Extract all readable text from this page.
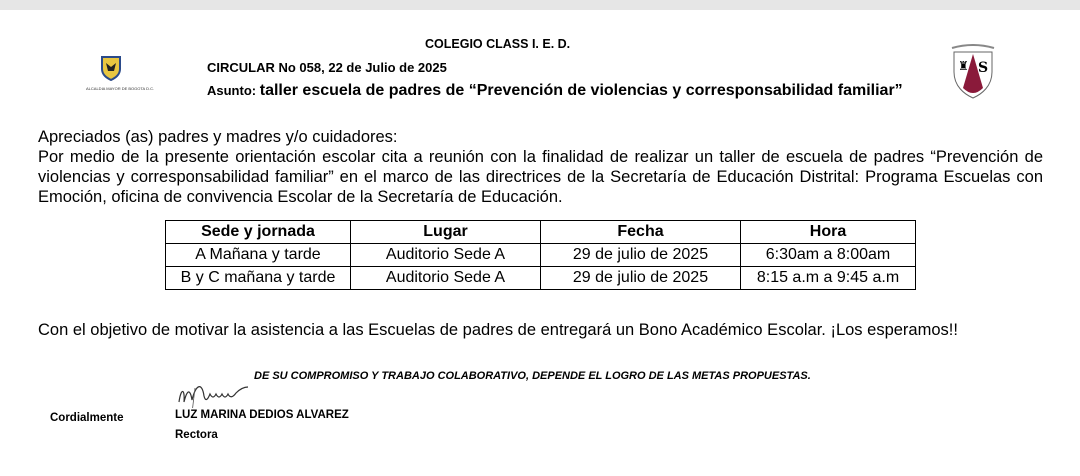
ALCALDIA MAYOR DE BOGOTA D.C.
♜ S
COLEGIO CLASS I. E. D.
CIRCULAR No 058, 22 de Julio de 2025
Asunto: taller escuela de padres de “Prevención de violencias y corresponsabilidad familiar”

Apreciados (as) padres y madres y/o cuidadores:

Por medio de la presente orientación escolar cita a reunión con la finalidad de realizar un taller de escuela de padres “Prevención de violencias y corresponsabilidad familiar” en el marco de las directrices de la Secretaría de Educación Distrital: Programa Escuelas con Emoción, oficina de convivencia Escolar de la Secretaría de Educación.

Sede y jornada	Lugar	Fecha	Hora
A Mañana y tarde	Auditorio Sede A	29 de julio de 2025	6:30am a 8:00am
B y C mañana y tarde	Auditorio Sede A	29 de julio de 2025	8:15 a.m a 9:45 a.m
Con el objetivo de motivar la asistencia a las Escuelas de padres de entregará un Bono Académico Escolar. ¡Los esperamos!!
DE SU COMPROMISO Y TRABAJO COLABORATIVO, DEPENDE EL LOGRO DE LAS METAS PROPUESTAS.
Cordialmente	LUZ MARINA DEDIOS ALVAREZ
Rectora
